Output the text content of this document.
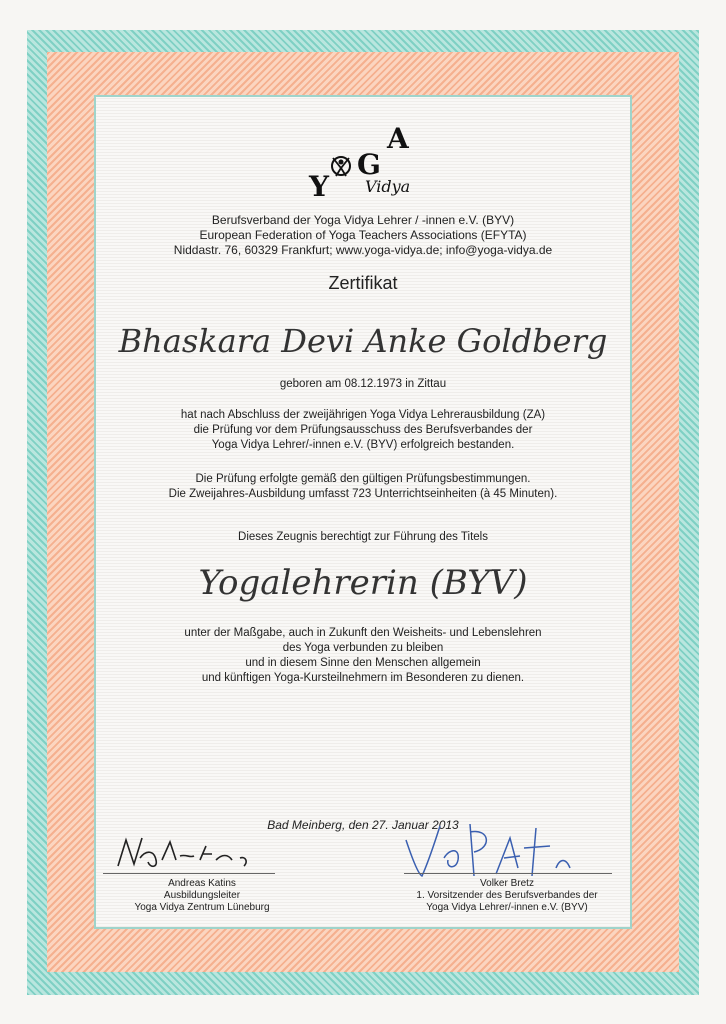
Y
G
A
Vidya
Berufsverband der Yoga Vidya Lehrer / -innen e.V. (BYV)
European Federation of Yoga Teachers Associations (EFYTA)
Niddastr. 76, 60329 Frankfurt; www.yoga-vidya.de; info@yoga-vidya.de
Zertifikat
Bhaskara Devi Anke Goldberg
geboren am 08.12.1973 in Zittau
hat nach Abschluss der zweijährigen Yoga Vidya Lehrerausbildung (ZA)
die Prüfung vor dem Prüfungsausschuss des Berufsverbandes der
Yoga Vidya Lehrer/-innen e.V. (BYV) erfolgreich bestanden.
Die Prüfung erfolgte gemäß den gültigen Prüfungsbestimmungen.
Die Zweijahres-Ausbildung umfasst 723 Unterrichtseinheiten (à 45 Minuten).
Dieses Zeugnis berechtigt zur Führung des Titels
Yogalehrerin (BYV)
unter der Maßgabe, auch in Zukunft den Weisheits- und Lebenslehren
des Yoga verbunden zu bleiben
und in diesem Sinne den Menschen allgemein
und künftigen Yoga-Kursteilnehmern im Besonderen zu dienen.
Bad Meinberg, den 27. Januar 2013
Andreas Katins
Ausbildungsleiter
Yoga Vidya Zentrum Lüneburg
Volker Bretz
1. Vorsitzender des Berufsverbandes der
Yoga Vidya Lehrer/-innen e.V. (BYV)
